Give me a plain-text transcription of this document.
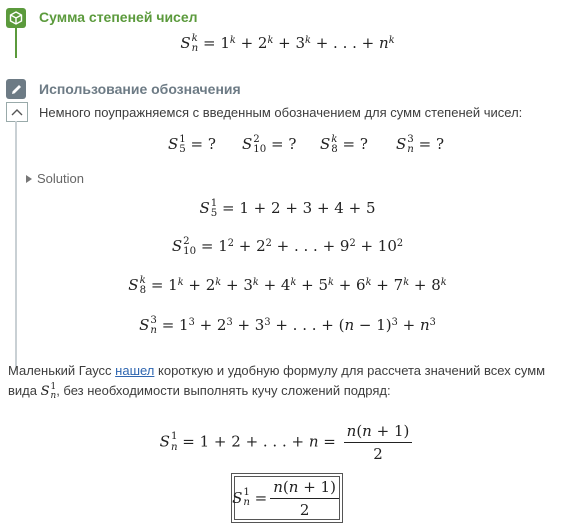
Сумма степеней чисел
S k
$n = 1^k + 2^k + 3^k$ + . . . + $n^k$
Использование обозначения
Немного поупражняемся с введенным обозначением для сумм степеней чисел:
S 1
5 = ? S 2
10 = ? S k
8 = ? S 3
n = ?
Solution
S 1
5 = 1 + 2 + 3 + 4 + 5
S 2
$10 = 1^2 + 2^2$ + . . . + $9^2 + 10^2$
S k
$8 = 1^k + 2^k + 3^k + 4^k + 5^k + 6^k + 7^k + 8^k$
S 3
$n = 1^3 + 2^3 + 3^3$ + . . . + $(n - 1)^3 + n^3$
Маленький Гаусс нашел короткую и удобную формулу для рассчета значений всех сумм
вида S 1
n , без необходимости выполнять кучу сложений подряд:
S 1
n = 1 + 2 + . . . + $n = \frac{n(n + 1)}{2}$
S 1
$n = \frac{n(n + 1)}{2}$
